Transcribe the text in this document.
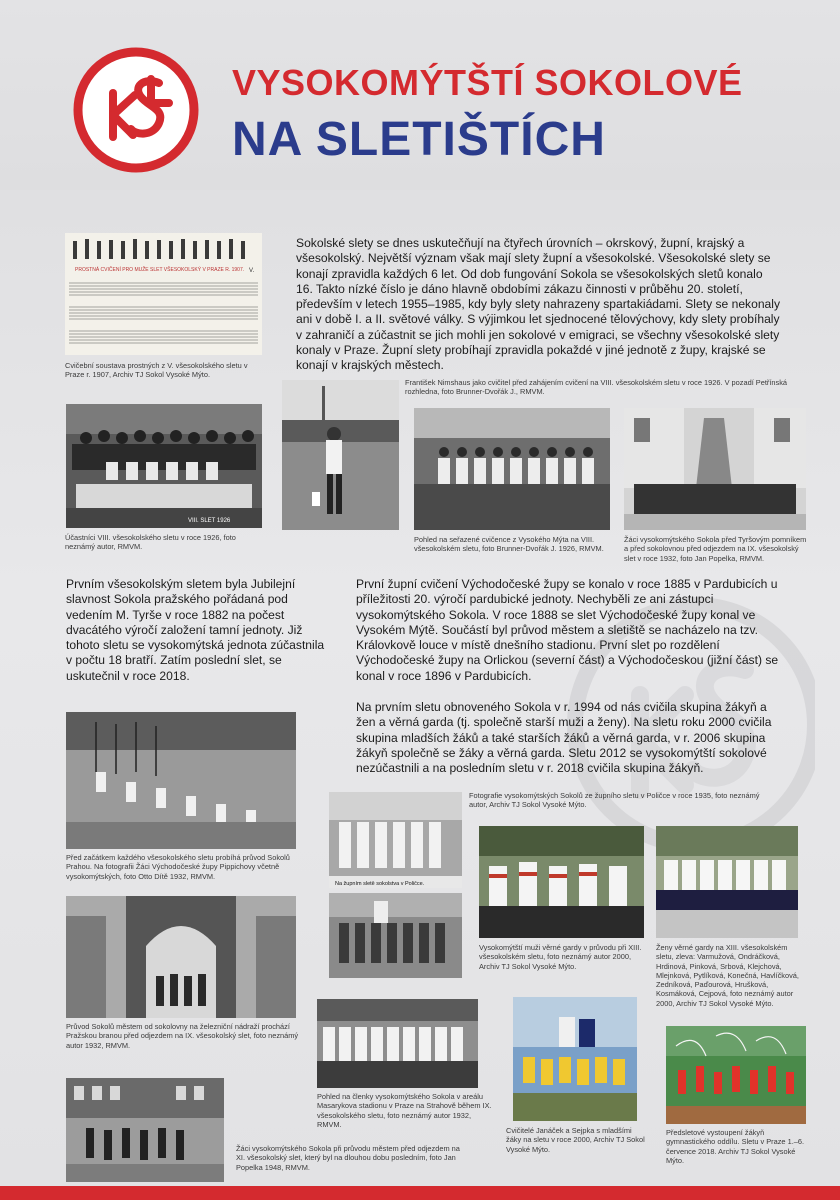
VYSOKOMÝTŠTÍ SOKOLOVÉ
NA SLETIŠTÍCH
PROSTNÁ CVIČENÍ PRO MUŽE SLET VŠESOKOLSKÝ V PRAZE R. 1907. V.
Cvičební soustava prostných z V. všesokolského sletu v Praze r. 1907, Archiv TJ Sokol Vysoké Mýto.
Sokolské slety se dnes uskutečňují na čtyřech úrovních – okrskový, župní, krajský a všesokolský. Největší význam však mají slety župní a všesokolské. Všesokolské slety se konají zpravidla každých 6 let. Od dob fungování Sokola se všesokolských sletů konalo 16. Takto nízké číslo je dáno hlavně obdobími zákazu činnosti v průběhu 20. století, především v letech 1955–1985, kdy byly slety nahrazeny spartakiádami. Slety se nekonaly ani v době I. a II. světové války. S výjimkou let sjednocené tělovýchovy, kdy slety probíhaly v zahraničí a zúčastnit se jich mohli jen sokolové v emigraci, se všechny všesokolské slety konaly v Praze. Župní slety probíhají zpravidla pokaždé v jiné jednotě z župy, krajské se konají v krajských městech.
František Nimshaus jako cvičitel před zahájením cvičení na VIII. všesokolském sletu v roce 1926. V pozadí Petřínská rozhledna, foto Brunner-Dvořák J., RMVM.
VIII. SLET 1926
Účastníci VIII. všesokolského sletu v roce 1926, foto neznámý autor, RMVM.
Pohled na seřazené cvičence z Vysokého Mýta na VIII. všesokolském sletu, foto Brunner-Dvořák J. 1926, RMVM.
Žáci vysokomýtského Sokola před Tyršovým pomníkem a před sokolovnou před odjezdem na IX. všesokolský slet v roce 1932, foto Jan Popelka, RMVM.
Prvním všesokolským sletem byla Jubilejní slavnost Sokola pražského pořádaná pod vedením M. Tyrše v roce 1882 na počest dvacátého výročí založení tamní jednoty. Již tohoto sletu se vysokomýtská jednota zúčastnila v počtu 18 bratří. Zatím poslední slet, se uskutečnil v roce 2018.
První župní cvičení Východočeské župy se konalo v roce 1885 v Pardubicích u příležitosti 20. výročí pardubické jednoty. Nechyběli ze ani zástupci vysokomýtského Sokola. V roce 1888 se slet Východočeské župy konal ve Vysokém Mýtě. Součástí byl průvod městem a sletiště se nacházelo na tzv. Královkově louce v místě dnešního stadionu. První slet po rozdělení Východočeské župy na Orlickou (severní část) a Východočeskou (jižní část) se konal v roce 1896 v Pardubicích.
Na prvním sletu obnoveného Sokola v r. 1994 od nás cvičila skupina žákyň a žen a věrná garda (tj. společně starší muži a ženy). Na sletu roku 2000 cvičila skupina mladších žáků a také starších žáků a věrná garda, v r. 2006 skupina žákyň společně se žáky a věrná garda. Sletu 2012 se vysokomýtští sokolové nezúčastnili a na posledním sletu v r. 2018 cvičila skupina žákyň.
Před začátkem každého všesokolského sletu probíhá průvod Sokolů Prahou. Na fotografii Žáci Východočeské župy Pippichovy včetně vysokomýtských, foto Otto Dítě 1932, RMVM.
Fotografie vysokomýtských Sokolů ze župního sletu v Poličce v roce 1935, foto neznámý autor, Archiv TJ Sokol Vysoké Mýto.
Na župním sletě sokolstva v Poličce.
Vysokomýtští muži věrné gardy v průvodu při XIII. všesokolském sletu, foto neznámý autor 2000, Archiv TJ Sokol Vysoké Mýto.
Ženy věrné gardy na XIII. všesokolském sletu, zleva: Varmužová, Ondráčková, Hrdinová, Pinková, Srbová, Klejchová, Mlejnková, Pytlíková, Konečná, Havlíčková, Zedníková, Paďourová, Hrušková, Kosmáková, Cejpová, foto neznámý autor 2000, Archiv TJ Sokol Vysoké Mýto.
Průvod Sokolů městem od sokolovny na železniční nádraží prochází Pražskou branou před odjezdem na IX. všesokolský slet, foto neznámý autor 1932, RMVM.
Pohled na členky vysokomýtského Sokola v areálu Masarykova stadionu v Praze na Strahově během IX. všesokolského sletu, foto neznámý autor 1932, RMVM.
Cvičitelé Janáček a Sejpka s mladšími žáky na sletu v roce 2000, Archiv TJ Sokol Vysoké Mýto.
Předsletové vystoupení žákyň gymnastického oddílu. Sletu v Praze 1.–6. července 2018. Archiv TJ Sokol Vysoké Mýto.
Žáci vysokomýtského Sokola při průvodu městem před odjezdem na XI. všesokolský slet, který byl na dlouhou dobu posledním, foto Jan Popelka 1948, RMVM.
